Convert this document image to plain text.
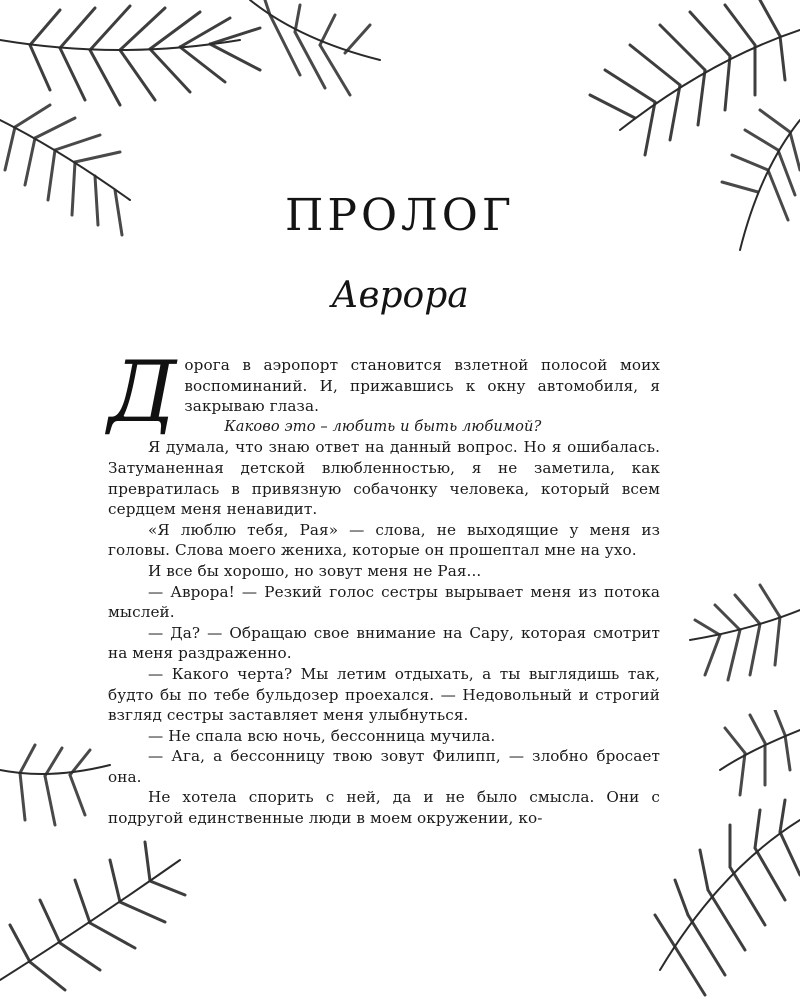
ПРОЛОГ
Аврора

Дорога в аэропорт становится взлетной полосой моих воспоминаний. И, прижавшись к окну автомобиля, я закрываю глаза.

Каково это – любить и быть любимой?

Я думала, что знаю ответ на данный вопрос. Но я ошибалась. Затуманенная детской влюбленностью, я не заметила, как превратилась в привязную собачонку человека, который всем сердцем меня ненавидит.

«Я люблю тебя, Рая» — слова, не выходящие у меня из головы. Слова моего жениха, которые он прошептал мне на ухо.

И все бы хорошо, но зовут меня не Рая...

— Аврора! — Резкий голос сестры вырывает меня из потока мыслей.

— Да? — Обращаю свое внимание на Сару, которая смотрит на меня раздраженно.

— Какого черта? Мы летим отдыхать, а ты выглядишь так, будто бы по тебе бульдозер проехался. — Недовольный и строгий взгляд сестры заставляет меня улыбнуться.

— Не спала всю ночь, бессонница мучила.

— Ага, а бессонницу твою зовут Филипп, — злобно бросает она.

Не хотела спорить с ней, да и не было смысла. Они с подругой единственные люди в моем окружении, ко-
